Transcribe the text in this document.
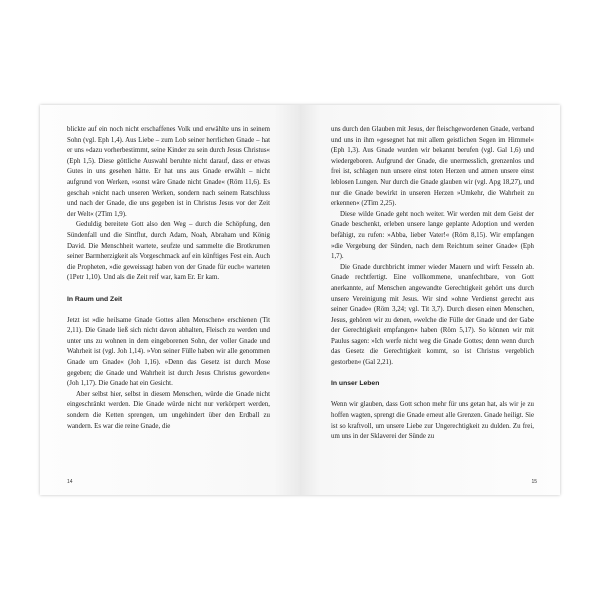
blickte auf ein noch nicht erschaffenes Volk und erwählte uns in seinem Sohn (vgl. Eph 1,4). Aus Liebe – zum Lob seiner herrlichen Gnade – hat er uns »dazu vorherbestimmt, seine Kinder zu sein durch Jesus Christus« (Eph 1,5). Diese göttliche Auswahl beruhte nicht darauf, dass er etwas Gutes in uns gesehen hätte. Er hat uns aus Gnade erwählt – nicht aufgrund von Werken, »sonst wäre Gnade nicht Gnade« (Röm 11,6). Es geschah »nicht nach unseren Werken, sondern nach seinem Ratschluss und nach der Gnade, die uns gegeben ist in Christus Jesus vor der Zeit der Welt« (2Tim 1,9).

Geduldig bereitete Gott also den Weg – durch die Schöpfung, den Sündenfall und die Sintflut, durch Adam, Noah, Abraham und König David. Die Menschheit wartete, seufzte und sammelte die Brotkrumen seiner Barmherzigkeit als Vorgeschmack auf ein künftiges Fest ein. Auch die Propheten, »die geweissagt haben von der Gnade für euch« warteten (1Petr 1,10). Und als die Zeit reif war, kam Er. Er kam.

In Raum und Zeit

Jetzt ist »die heilsame Gnade Gottes allen Menschen« erschienen (Tit 2,11). Die Gnade ließ sich nicht davon abhalten, Fleisch zu werden und unter uns zu wohnen in dem eingeborenen Sohn, der voller Gnade und Wahrheit ist (vgl. Joh 1,14). »Von seiner Fülle haben wir alle genommen Gnade um Gnade« (Joh 1,16). »Denn das Gesetz ist durch Mose gegeben; die Gnade und Wahrheit ist durch Jesus Christus geworden« (Joh 1,17). Die Gnade hat ein Gesicht.

Aber selbst hier, selbst in diesem Menschen, würde die Gnade nicht eingeschränkt werden. Die Gnade würde nicht nur verkörpert werden, sondern die Ketten sprengen, um ungehindert über den Erdball zu wandern. Es war die reine Gnade, die

14

uns durch den Glauben mit Jesus, der fleischgewordenen Gnade, verband und uns in ihm »gesegnet hat mit allem geistlichen Segen im Himmel« (Eph 1,3). Aus Gnade wurden wir bekannt berufen (vgl. Gal 1,6) und wiedergeboren. Aufgrund der Gnade, die unermesslich, grenzenlos und frei ist, schlagen nun unsere einst toten Herzen und atmen unsere einst leblosen Lungen. Nur durch die Gnade glauben wir (vgl. Apg 18,27), und nur die Gnade bewirkt in unseren Herzen »Umkehr, die Wahrheit zu erkennen« (2Tim 2,25).

Diese wilde Gnade geht noch weiter. Wir werden mit dem Geist der Gnade beschenkt, erleben unsere lange geplante Adoption und werden befähigt, zu rufen: »Abba, lieber Vater!« (Röm 8,15). Wir empfangen »die Vergebung der Sünden, nach dem Reichtum seiner Gnade« (Eph 1,7).

Die Gnade durchbricht immer wieder Mauern und wirft Fesseln ab. Gnade rechtfertigt. Eine vollkommene, unanfechtbare, von Gott anerkannte, auf Menschen angewandte Gerechtigkeit gehört uns durch unsere Vereinigung mit Jesus. Wir sind »ohne Verdienst gerecht aus seiner Gnade« (Röm 3,24; vgl. Tit 3,7). Durch diesen einen Menschen, Jesus, gehören wir zu denen, »welche die Fülle der Gnade und der Gabe der Gerechtigkeit empfangen« haben (Röm 5,17). So können wir mit Paulus sagen: »Ich werfe nicht weg die Gnade Gottes; denn wenn durch das Gesetz die Gerechtigkeit kommt, so ist Christus vergeblich gestorben« (Gal 2,21).

In unser Leben

Wenn wir glauben, dass Gott schon mehr für uns getan hat, als wir je zu hoffen wagten, sprengt die Gnade erneut alle Grenzen. Gnade heiligt. Sie ist so kraftvoll, um unsere Liebe zur Ungerechtigkeit zu dulden. Zu frei, um uns in der Sklaverei der Sünde zu

15
